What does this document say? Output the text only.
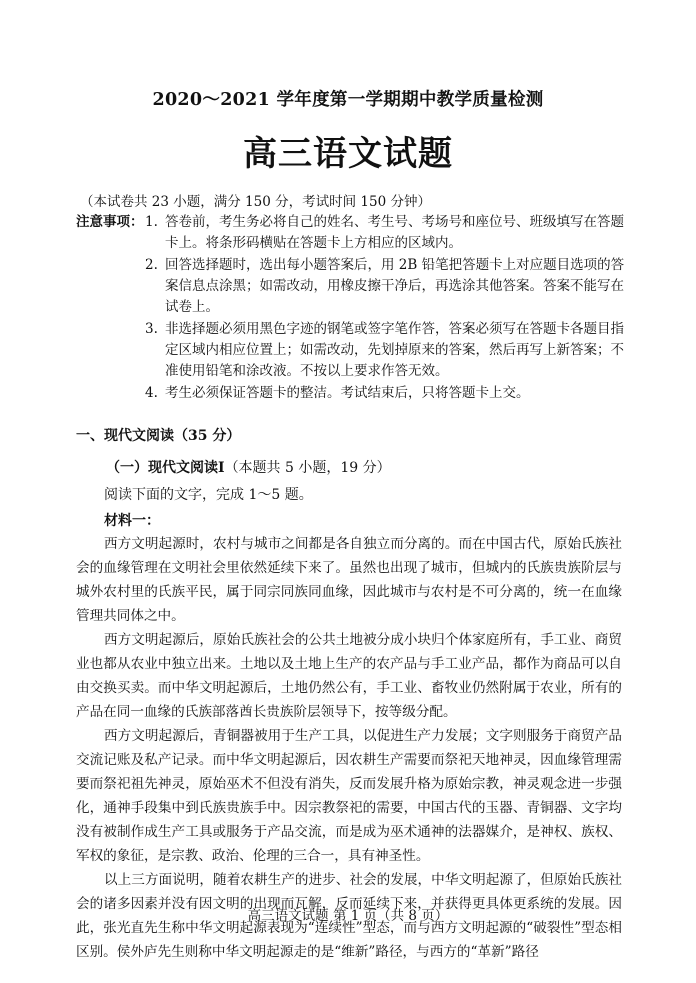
2020～2021 学年度第一学期期中教学质量检测
高三语文试题
（本试卷共 23 小题，满分 150 分，考试时间 150 分钟）
注意事项： 1. 答卷前，考生务必将自己的姓名、考生号、考场号和座位号、班级填写在答题卡上。将条形码横贴在答题卡上方相应的区域内。
2. 回答选择题时，选出每小题答案后，用 2B 铅笔把答题卡上对应题目选项的答案信息点涂黑；如需改动，用橡皮擦干净后，再选涂其他答案。答案不能写在试卷上。
3. 非选择题必须用黑色字迹的钢笔或签字笔作答，答案必须写在答题卡各题目指定区域内相应位置上；如需改动，先划掉原来的答案，然后再写上新答案；不准使用铅笔和涂改液。不按以上要求作答无效。
4. 考生必须保证答题卡的整洁。考试结束后，只将答题卡上交。
一、现代文阅读（35 分）
（一）现代文阅读Ⅰ（本题共 5 小题，19 分）
阅读下面的文字，完成 1～5 题。
材料一：

西方文明起源时，农村与城市之间都是各自独立而分离的。而在中国古代，原始氏族社会的血缘管理在文明社会里依然延续下来了。虽然也出现了城市，但城内的氏族贵族阶层与城外农村里的氏族平民，属于同宗同族同血缘，因此城市与农村是不可分离的，统一在血缘管理共同体之中。

西方文明起源后，原始氏族社会的公共土地被分成小块归个体家庭所有，手工业、商贸业也都从农业中独立出来。土地以及土地上生产的农产品与手工业产品，都作为商品可以自由交换买卖。而中华文明起源后，土地仍然公有，手工业、畜牧业仍然附属于农业，所有的产品在同一血缘的氏族部落酋长贵族阶层领导下，按等级分配。

西方文明起源后，青铜器被用于生产工具，以促进生产力发展；文字则服务于商贸产品交流记账及私产记录。而中华文明起源后，因农耕生产需要而祭祀天地神灵，因血缘管理需要而祭祀祖先神灵，原始巫术不但没有消失，反而发展升格为原始宗教，神灵观念进一步强化，通神手段集中到氏族贵族手中。因宗教祭祀的需要，中国古代的玉器、青铜器、文字均没有被制作成生产工具或服务于产品交流，而是成为巫术通神的法器媒介，是神权、族权、军权的象征，是宗教、政治、伦理的三合一，具有神圣性。

以上三方面说明，随着农耕生产的进步、社会的发展，中华文明起源了，但原始氏族社会的诸多因素并没有因文明的出现而瓦解，反而延续下来，并获得更具体更系统的发展。因此，张光直先生称中华文明起源表现为“连续性”型态，而与西方文明起源的“破裂性”型态相区别。侯外庐先生则称中华文明起源走的是“维新”路径，与西方的“革新”路径

高三语文试题 第 1 页（共 8 页）
